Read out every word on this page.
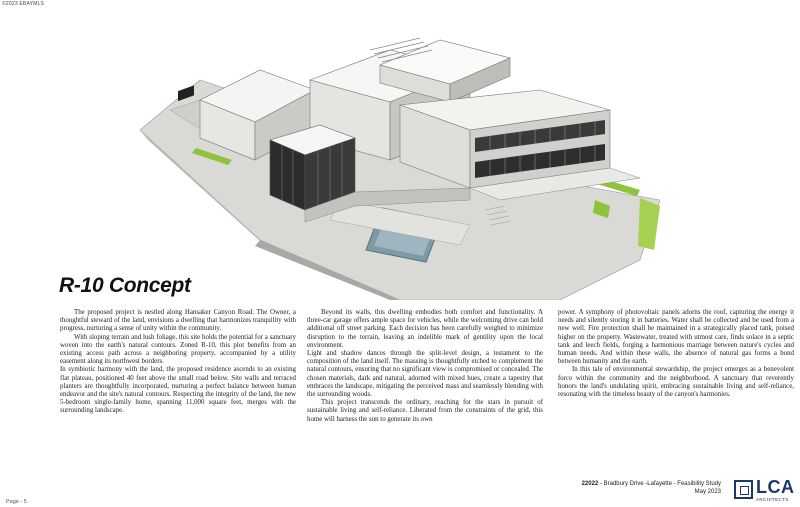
©2023 EBAYMLS
R-10 Concept

The proposed project is nestled along Hansaker Canyon Road. The Owner, a thoughtful steward of the land, envisions a dwelling that harmonizes tranquility with progress, nurturing a sense of unity within the community.

With sloping terrain and lush foliage, this site holds the potential for a sanctuary woven into the earth's natural contours. Zoned R-10, this plot benefits from an existing access path across a neighboring property, accompanied by a utility easement along its northwest borders.

In symbiotic harmony with the land, the proposed residence ascends to an existing flat plateau, positioned 40 feet above the small road below. Site walls and terraced planters are thoughtfully incorporated, nurturing a perfect balance between human endeavor and the site's natural contours. Respecting the integrity of the land, the new 5-bedroom single-family home, spanning 11,000 square feet, merges with the surrounding landscape.

Beyond its walls, this dwelling embodies both comfort and functionality. A three-car garage offers ample space for vehicles, while the welcoming drive can hold additional off street parking. Each decision has been carefully weighed to minimize disruption to the terrain, leaving an indelible mark of gentility upon the local environment.

Light and shadow dances through the split-level design, a testament to the composition of the land itself. The massing is thoughtfully etched to complement the natural contours, ensuring that no significant view is compromised or concealed. The chosen materials, dark and natural, adorned with mixed hues, create a tapestry that embraces the landscape, mitigating the perceived mass and seamlessly blending with the surrounding woods.

This project transcends the ordinary, reaching for the stars in pursuit of sustainable living and self-reliance. Liberated from the constraints of the grid, this home will harness the sun to generate its own

power. A symphony of photovoltaic panels adorns the roof, capturing the energy it needs and silently storing it in batteries. Water shall be collected and be used from a new well. Fire protection shall be maintained in a strategically placed tank, poised higher on the property. Wastewater, treated with utmost care, finds solace in a septic tank and leech fields, forging a harmonious marriage between nature's cycles and human needs. And within these walls, the absence of natural gas forms a bond between humanity and the earth.

In this tale of environmental stewardship, the project emerges as a benevolent force within the community and the neighborhood. A sanctuary that reverently honors the land's undulating spirit, embracing sustainable living and self-reliance, resonating with the timeless beauty of the canyon's harmonies.

Page - 5
22022 - Bradbury Drive -Lafayette - Feasibility Study
May 2023 LCA
ARCHITECTS
